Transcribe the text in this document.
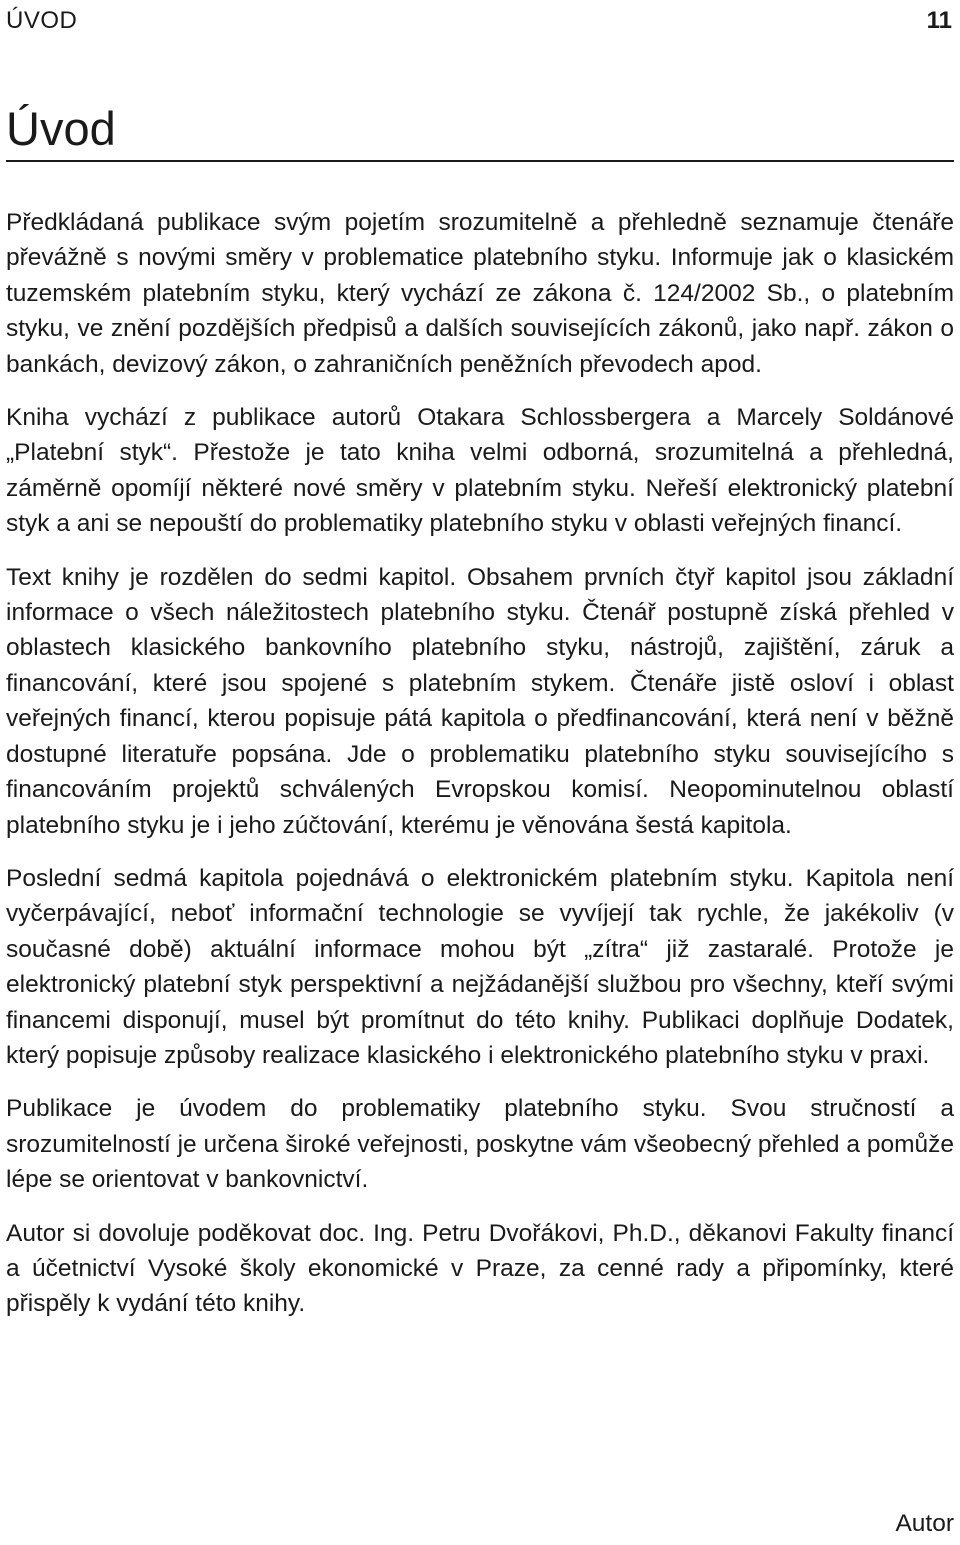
ÚVOD	11
Úvod

Předkládaná publikace svým pojetím srozumitelně a přehledně seznamuje čtenáře převážně s novými směry v problematice platebního styku. Informuje jak o klasickém tuzemském platebním styku, který vychází ze zákona č. 124/2002 Sb., o platebním styku, ve znění pozdějších předpisů a dalších souvisejících zákonů, jako např. zákon o bankách, devizový zákon, o zahraničních peněžních převodech apod.

Kniha vychází z publikace autorů Otakara Schlossbergera a Marcely Soldánové „Platební styk“. Přestože je tato kniha velmi odborná, srozumitelná a přehledná, záměrně opomíjí některé nové směry v platebním styku. Neřeší elektronický platební styk a ani se nepouští do problematiky platebního styku v oblasti veřejných financí.

Text knihy je rozdělen do sedmi kapitol. Obsahem prvních čtyř kapitol jsou základní informace o všech náležitostech platebního styku. Čtenář postupně získá přehled v oblastech klasického bankovního platebního styku, nástrojů, zajištění, záruk a financování, které jsou spojené s platebním stykem. Čtenáře jistě osloví i oblast veřejných financí, kterou popisuje pátá kapitola o předfinancování, která není v běžně dostupné literatuře popsána. Jde o problematiku platebního styku souvisejícího s financováním projektů schválených Evropskou komisí. Neopominutelnou oblastí platebního styku je i jeho zúčtování, kterému je věnována šestá kapitola.

Poslední sedmá kapitola pojednává o elektronickém platebním styku. Kapitola není vyčerpávající, neboť informační technologie se vyvíjejí tak rychle, že jakékoliv (v současné době) aktuální informace mohou být „zítra“ již zastaralé. Protože je elektronický platební styk perspektivní a nejžádanější službou pro všechny, kteří svými financemi disponují, musel být promítnut do této knihy. Publikaci doplňuje Dodatek, který popisuje způsoby realizace klasického i elektronického platebního styku v praxi.

Publikace je úvodem do problematiky platebního styku. Svou stručností a srozumitelností je určena široké veřejnosti, poskytne vám všeobecný přehled a pomůže lépe se orientovat v bankovnictví.

Autor si dovoluje poděkovat doc. Ing. Petru Dvořákovi, Ph.D., děkanovi Fakulty financí a účetnictví Vysoké školy ekonomické v Praze, za cenné rady a připomínky, které přispěly k vydání této knihy.

Autor
